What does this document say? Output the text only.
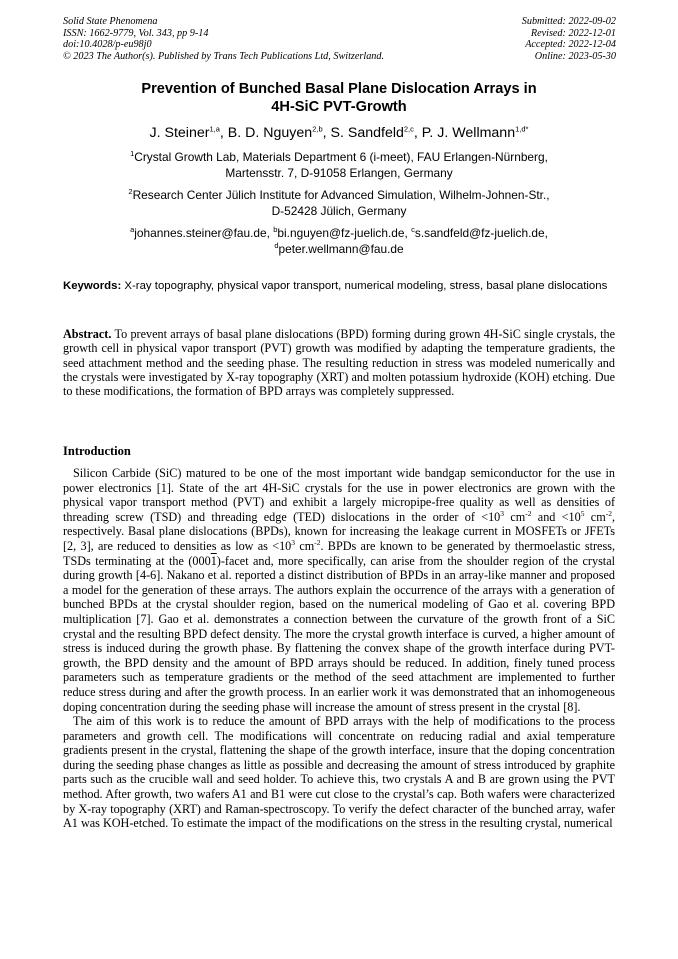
Solid State Phenomena
ISSN: 1662-9779, Vol. 343, pp 9-14
doi:10.4028/p-eu98j0
© 2023 The Author(s). Published by Trans Tech Publications Ltd, Switzerland.
Submitted: 2022-09-02
Revised: 2022-12-01
Accepted: 2022-12-04
Online: 2023-05-30
Prevention of Bunched Basal Plane Dislocation Arrays in
4H-SiC PVT-Growth
J. Steiner$^{1,a}$, B. D. Nguyen$^{2,b}$, S. Sandfeld$^{2,c}$, P. J. Wellmann$^{1,d*}$
$^1$Crystal Growth Lab, Materials Department 6 (i-meet), FAU Erlangen-Nürnberg,
Martensstr. 7, D-91058 Erlangen, Germany
$^2$Research Center Jülich Institute for Advanced Simulation, Wilhelm-Johnen-Str.,
D-52428 Jülich, Germany
$^a$johannes.steiner@fau.de, $^b$bi.nguyen@fz-juelich.de, $^c$s.sandfeld@fz-juelich.de,
$^d$peter.wellmann@fau.de
Keywords: X-ray topography, physical vapor transport, numerical modeling, stress, basal plane dislocations
Abstract. To prevent arrays of basal plane dislocations (BPD) forming during grown 4H-SiC single crystals, the growth cell in physical vapor transport (PVT) growth was modified by adapting the temperature gradients, the seed attachment method and the seeding phase. The resulting reduction in stress was modeled numerically and the crystals were investigated by X-ray topography (XRT) and molten potassium hydroxide (KOH) etching. Due to these modifications, the formation of BPD arrays was completely suppressed.
Introduction

Silicon Carbide (SiC) matured to be one of the most important wide bandgap semiconductor for the use in power electronics [1]. State of the art 4H-SiC crystals for the use in power electronics are grown with the physical vapor transport method (PVT) and exhibit a largely micropipe-free quality as well as densities of threading screw (TSD) and threading edge (TED) dislocations in the order of $<10^3$ $cm^{-2}$ and $<10^5$ $cm^{-2}$, respectively. Basal plane dislocations (BPDs), known for increasing the leakage current in MOSFETs or JFETs [2, 3], are reduced to densities as low as $<10^3$ $cm^{-2}$. BPDs are known to be generated by thermoelastic stress, TSDs terminating at the (0001)-facet and, more specifically, can arise from the shoulder region of the crystal during growth [4-6]. Nakano et al. reported a distinct distribution of BPDs in an array-like manner and proposed a model for the generation of these arrays. The authors explain the occurrence of the arrays with a generation of bunched BPDs at the crystal shoulder region, based on the numerical modeling of Gao et al. covering BPD multiplication [7]. Gao et al. demonstrates a connection between the curvature of the growth front of a SiC crystal and the resulting BPD defect density. The more the crystal growth interface is curved, a higher amount of stress is induced during the growth phase. By flattening the convex shape of the growth interface during PVT-growth, the BPD density and the amount of BPD arrays should be reduced. In addition, finely tuned process parameters such as temperature gradients or the method of the seed attachment are implemented to further reduce stress during and after the growth process. In an earlier work it was demonstrated that an inhomogeneous doping concentration during the seeding phase will increase the amount of stress present in the crystal [8].

The aim of this work is to reduce the amount of BPD arrays with the help of modifications to the process parameters and growth cell. The modifications will concentrate on reducing radial and axial temperature gradients present in the crystal, flattening the shape of the growth interface, insure that the doping concentration during the seeding phase changes as little as possible and decreasing the amount of stress introduced by graphite parts such as the crucible wall and seed holder. To achieve this, two crystals A and B are grown using the PVT method. After growth, two wafers A1 and B1 were cut close to the crystal’s cap. Both wafers were characterized by X-ray topography (XRT) and Raman-spectroscopy. To verify the defect character of the bunched array, wafer A1 was KOH-etched. To estimate the impact of the modifications on the stress in the resulting crystal, numerical
